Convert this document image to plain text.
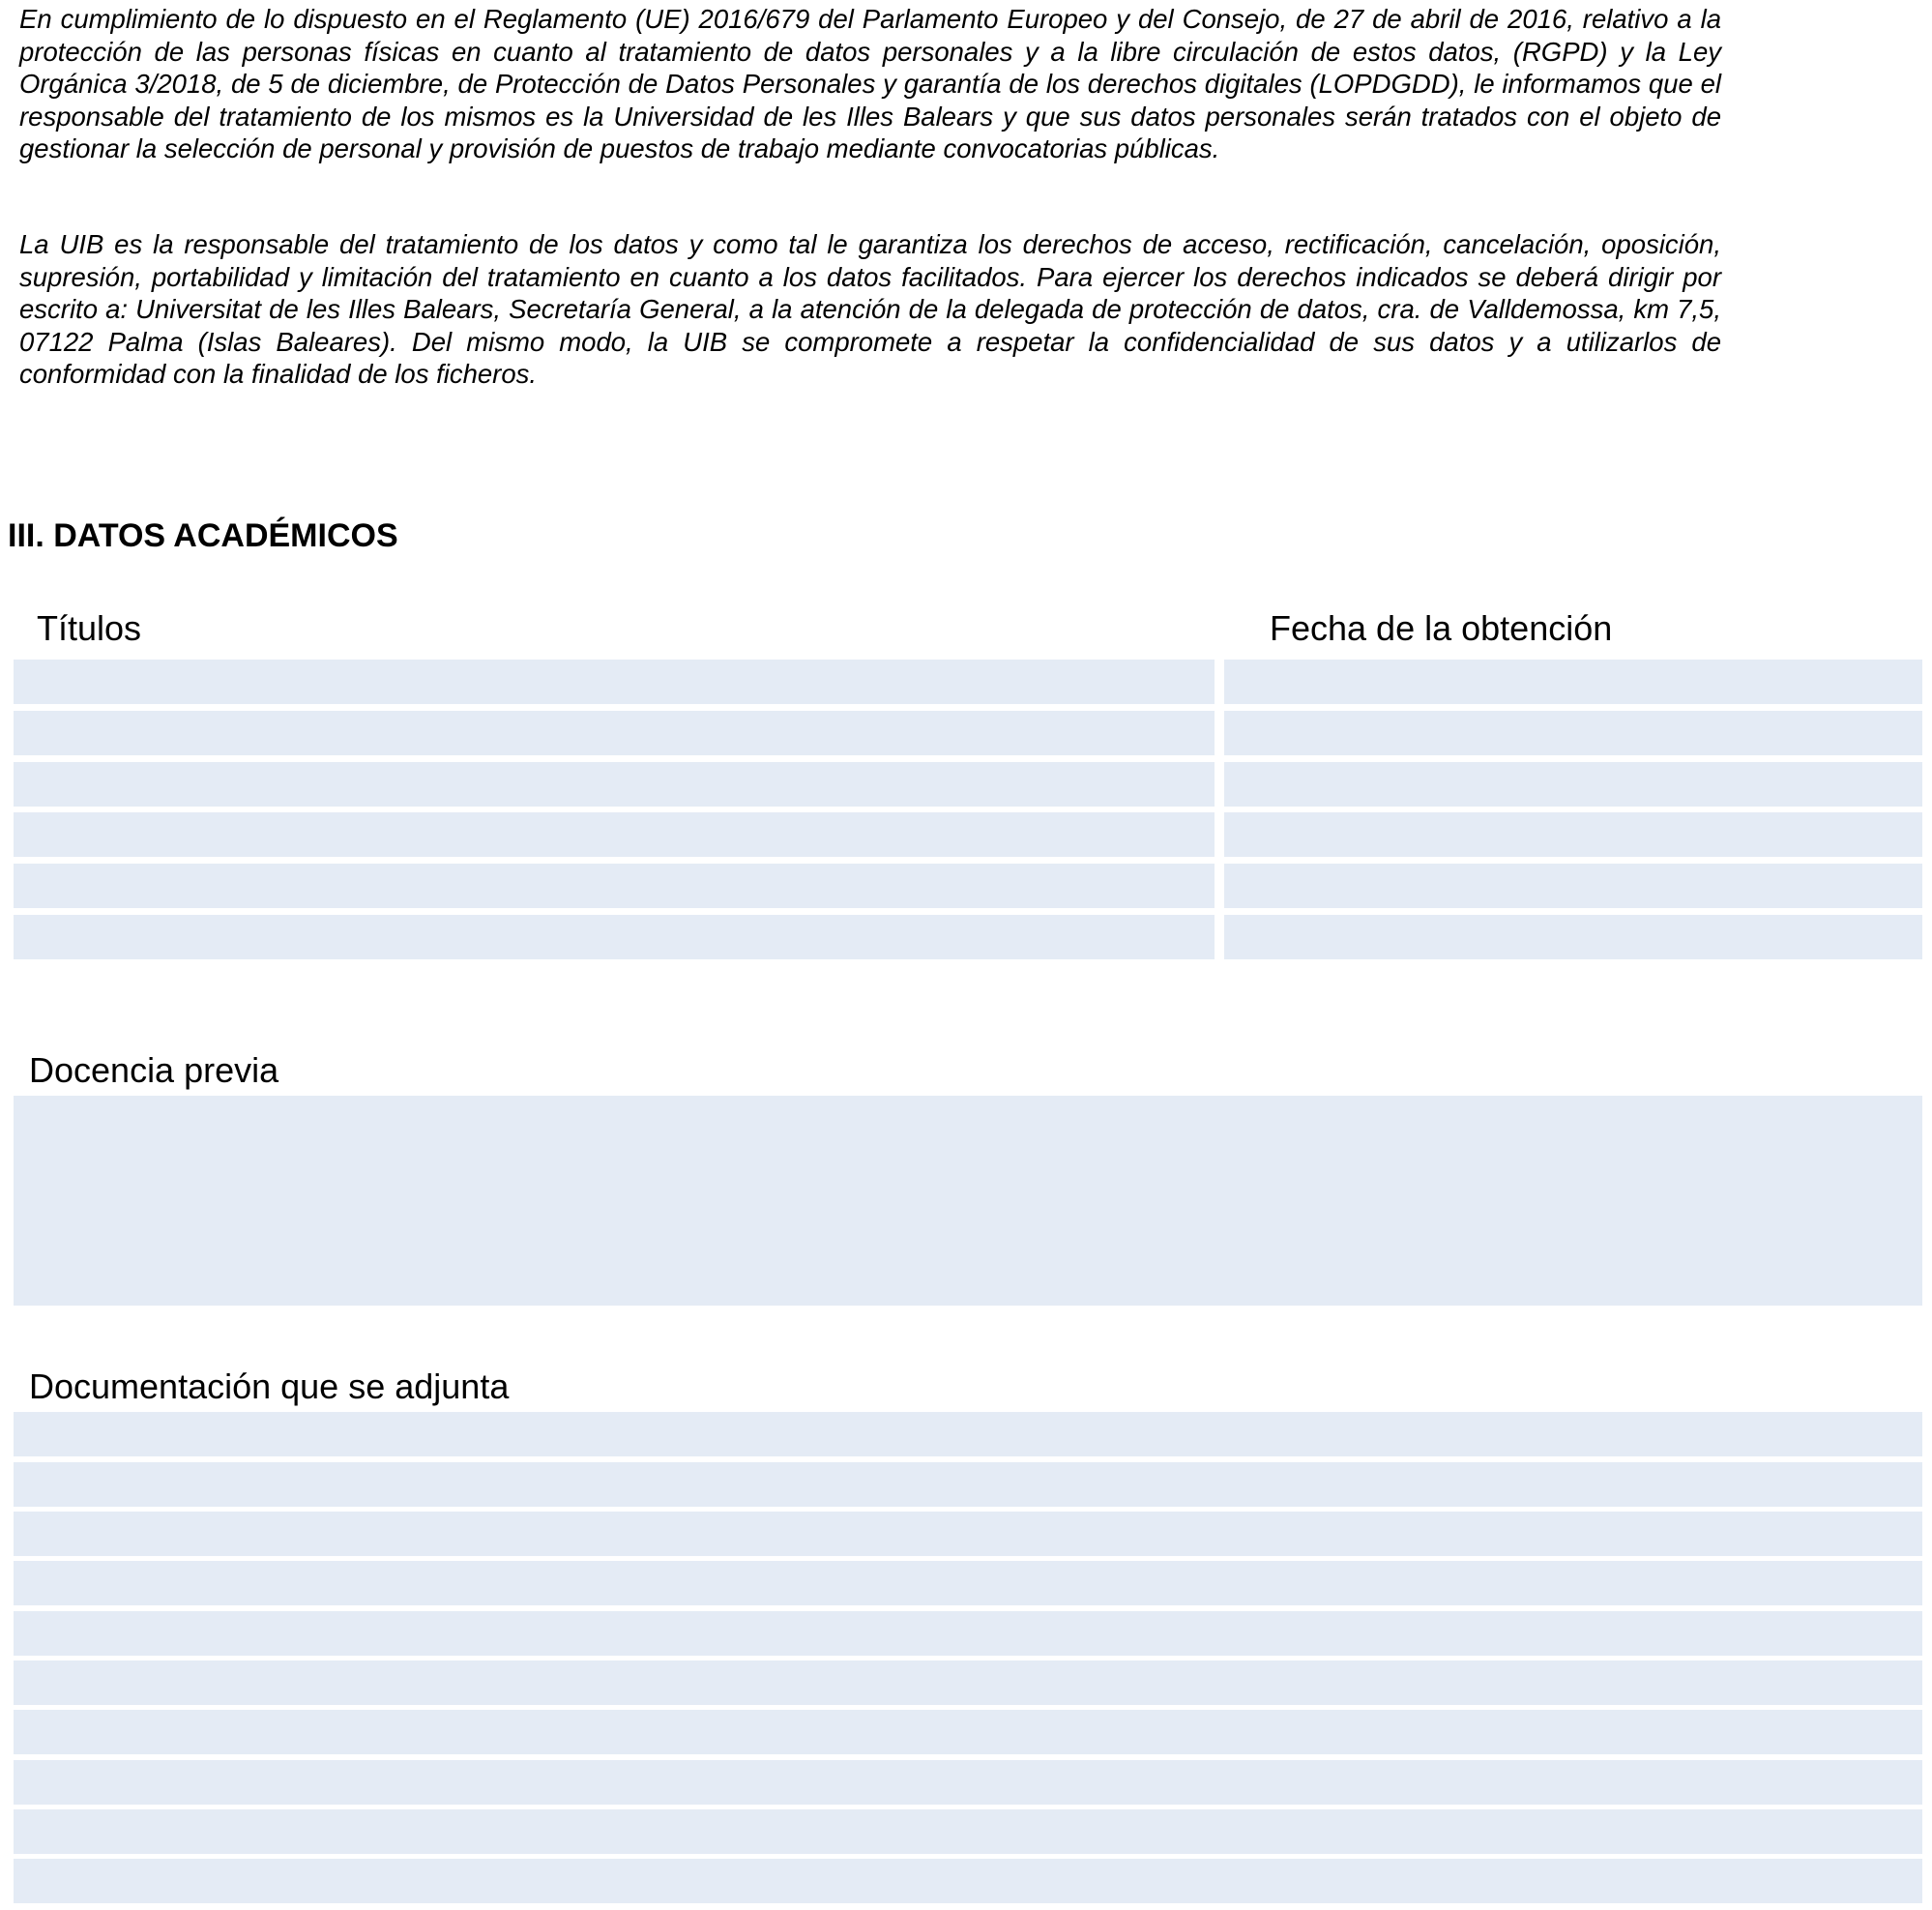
En cumplimiento de lo dispuesto en el Reglamento (UE) 2016/679 del Parlamento Europeo y del Consejo, de 27 de abril de 2016, relativo a la protección de las personas físicas en cuanto al tratamiento de datos personales y a la libre circulación de estos datos, (RGPD) y la Ley Orgánica 3/2018, de 5 de diciembre, de Protección de Datos Personales y garantía de los derechos digitales (LOPDGDD), le informamos que el responsable del tratamiento de los mismos es la Universidad de les Illes Balears y que sus datos personales serán tratados con el objeto de gestionar la selección de personal y provisión de puestos de trabajo mediante convocatorias públicas.

La UIB es la responsable del tratamiento de los datos y como tal le garantiza los derechos de acceso, rectificación, cancelación, oposición, supresión, portabilidad y limitación del tratamiento en cuanto a los datos facilitados. Para ejercer los derechos indicados se deberá dirigir por escrito a: Universitat de les Illes Balears, Secretaría General, a la atención de la delegada de protección de datos, cra. de Valldemossa, km 7,5, 07122 Palma (Islas Baleares). Del mismo modo, la UIB se compromete a respetar la confidencialidad de sus datos y a utilizarlos de conformidad con la finalidad de los ficheros.

III. DATOS ACADÉMICOS
Títulos	Fecha de la obtención
Docencia previa
Documentación que se adjunta
